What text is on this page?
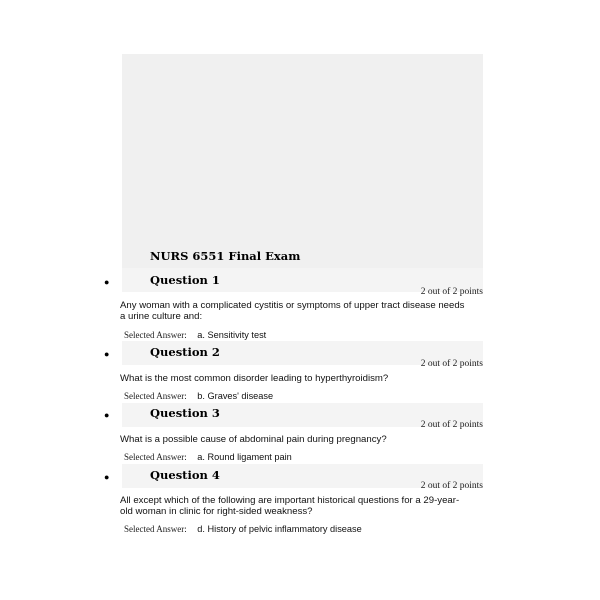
NURS 6551 Final Exam
●	Question 1
2 out of 2 points
Any woman with a complicated cystitis or symptoms of upper tract disease needs a urine culture and:
Selected Answer: a. Sensitivity test
●	Question 2
2 out of 2 points
What is the most common disorder leading to hyperthyroidism?
Selected Answer: b. Graves' disease
●	Question 3
2 out of 2 points
What is a possible cause of abdominal pain during pregnancy?
Selected Answer: a. Round ligament pain
●	Question 4
2 out of 2 points
All except which of the following are important historical questions for a 29-year-old woman in clinic for right-sided weakness?
Selected Answer: d. History of pelvic inflammatory disease
